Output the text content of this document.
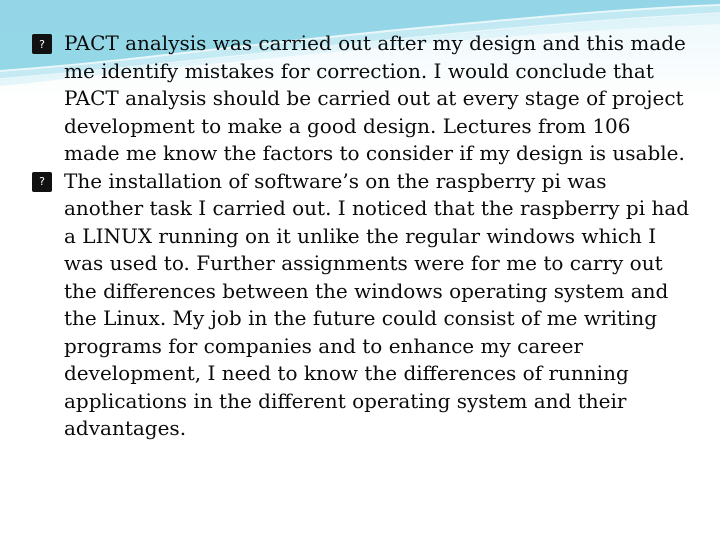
? PACT analysis was carried out after my design and this made me identify mistakes for correction. I would conclude that PACT analysis should be carried out at every stage of project development to make a good design. Lectures from 106 made me know the factors to consider if my design is usable.

? The installation of software’s on the raspberry pi was another task I carried out. I noticed that the raspberry pi had a LINUX running on it unlike the regular windows which I was used to. Further assignments were for me to carry out the differences between the windows operating system and the Linux. My job in the future could consist of me writing programs for companies and to enhance my career development, I need to know the differences of running applications in the different operating system and their advantages.
